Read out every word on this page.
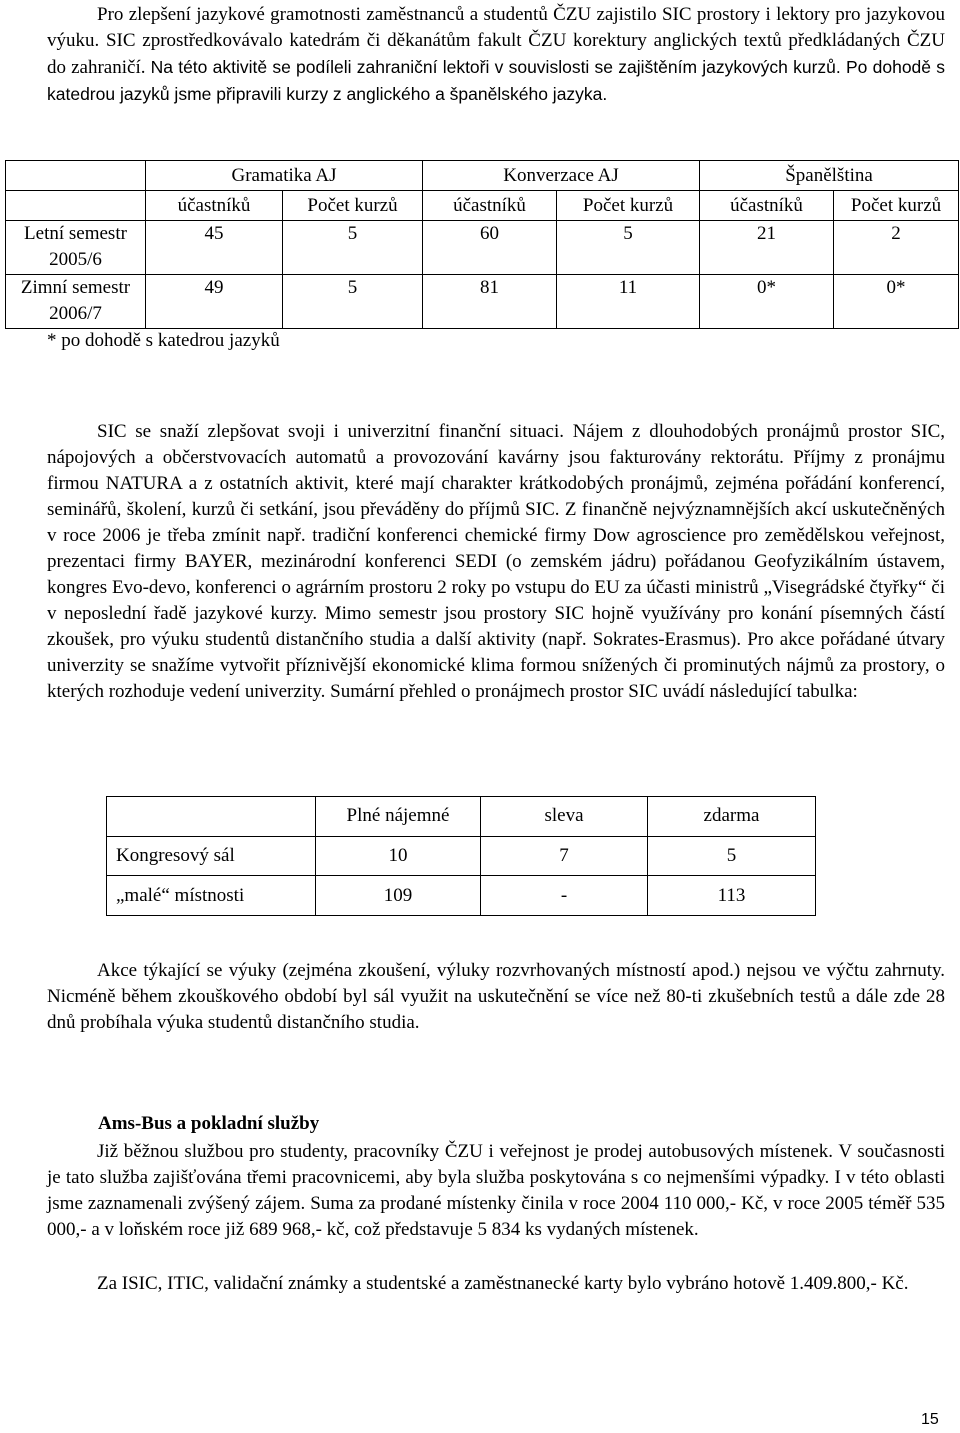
Pro zlepšení jazykové gramotnosti zaměstnanců a studentů ČZU zajistilo SIC prostory i lektory pro jazykovou výuku. SIC zprostředkovávalo katedrám či děkanátům fakult ČZU korektury anglických textů předkládaných ČZU do zahraničí. Na této aktivitě se podíleli zahraniční lektoři v souvislosti se zajištěním jazykových kurzů. Po dohodě s katedrou jazyků jsme připravili kurzy z anglického a španělského jazyka.

	Gramatika AJ		Konverzace AJ		Španělština	
	účastníků	Počet kurzů	účastníků	Počet kurzů	účastníků	Počet kurzů
Letní semestr 2005/6	45	5	60	5	21	2
Zimní semestr 2006/7	49	5	81	11	0*	0*
* po dohodě s katedrou jazyků

SIC se snaží zlepšovat svoji i univerzitní finanční situaci. Nájem z dlouhodobých pronájmů prostor SIC, nápojových a občerstvovacích automatů a provozování kavárny jsou fakturovány rektorátu. Příjmy z pronájmu firmou NATURA a z ostatních aktivit, které mají charakter krátkodobých pronájmů, zejména pořádání konferencí, seminářů, školení, kurzů či setkání, jsou převáděny do příjmů SIC. Z finančně nejvýznamnějších akcí uskutečněných v roce 2006 je třeba zmínit např. tradiční konferenci chemické firmy Dow agroscience pro zemědělskou veřejnost, prezentaci firmy BAYER, mezinárodní konferenci SEDI (o zemském jádru) pořádanou Geofyzikálním ústavem, kongres Evo-devo, konferenci o agrárním prostoru 2 roky po vstupu do EU za účasti ministrů „Visegrádské čtyřky“ či v neposlední řadě jazykové kurzy. Mimo semestr jsou prostory SIC hojně využívány pro konání písemných částí zkoušek, pro výuku studentů distančního studia a další aktivity (např. Sokrates-Erasmus). Pro akce pořádané útvary univerzity se snažíme vytvořit příznivější ekonomické klima formou snížených či prominutých nájmů za prostory, o kterých rozhoduje vedení univerzity. Sumární přehled o pronájmech prostor SIC uvádí následující tabulka:

	Plné nájemné	sleva	zdarma
Kongresový sál	10	7	5
„malé“ místnosti	109	-	113

Akce týkající se výuky (zejména zkoušení, výluky rozvrhovaných místností apod.) nejsou ve výčtu zahrnuty. Nicméně během zkouškového období byl sál využit na uskutečnění se více než 80-ti zkušebních testů a dále zde 28 dnů probíhala výuka studentů distančního studia.

Ams-Bus a pokladní služby

Již běžnou službou pro studenty, pracovníky ČZU i veřejnost je prodej autobusových místenek. V současnosti je tato služba zajišťována třemi pracovnicemi, aby byla služba poskytována s co nejmenšími výpadky. I v této oblasti jsme zaznamenali zvýšený zájem. Suma za prodané místenky činila v roce 2004 110 000,- Kč, v roce 2005 téměř 535 000,- a v loňském roce již 689 968,- kč, což představuje 5 834 ks vydaných místenek.

Za ISIC, ITIC, validační známky a studentské a zaměstnanecké karty bylo vybráno hotově 1.409.800,- Kč.

15
